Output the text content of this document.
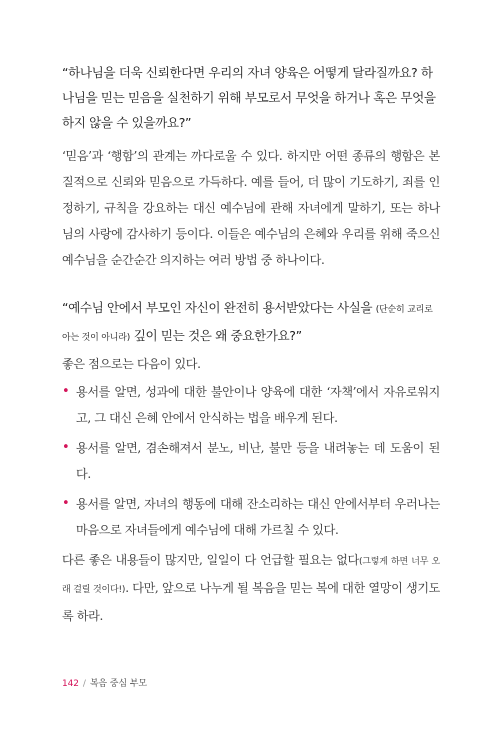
“하나님을 더욱 신뢰한다면 우리의 자녀 양육은 어떻게 달라질까요? 하나님을 믿는 믿음을 실천하기 위해 부모로서 무엇을 하거나 혹은 무엇을 하지 않을 수 있을까요?”

‘믿음’과 ‘행함’의 관계는 까다로울 수 있다. 하지만 어떤 종류의 행함은 본질적으로 신뢰와 믿음으로 가득하다. 예를 들어, 더 많이 기도하기, 죄를 인정하기, 규칙을 강요하는 대신 예수님에 관해 자녀에게 말하기, 또는 하나님의 사랑에 감사하기 등이다. 이들은 예수님의 은혜와 우리를 위해 죽으신 예수님을 순간순간 의지하는 여러 방법 중 하나이다.

“예수님 안에서 부모인 자신이 완전히 용서받았다는 사실을 (단순히 교리로 아는 것이 아니라) 깊이 믿는 것은 왜 중요한가요?”

좋은 점으로는 다음이 있다.

• 용서를 알면, 성과에 대한 불안이나 양육에 대한 ‘자책’에서 자유로워지고, 그 대신 은혜 안에서 안식하는 법을 배우게 된다.
• 용서를 알면, 겸손해져서 분노, 비난, 불만 등을 내려놓는 데 도움이 된다.
• 용서를 알면, 자녀의 행동에 대해 잔소리하는 대신 안에서부터 우러나는 마음으로 자녀들에게 예수님에 대해 가르칠 수 있다.

다른 좋은 내용들이 많지만, 일일이 다 언급할 필요는 없다(그렇게 하면 너무 오래 걸릴 것이다!). 다만, 앞으로 나누게 될 복음을 믿는 복에 대한 열망이 생기도록 하라.

142 / 복음 중심 부모
